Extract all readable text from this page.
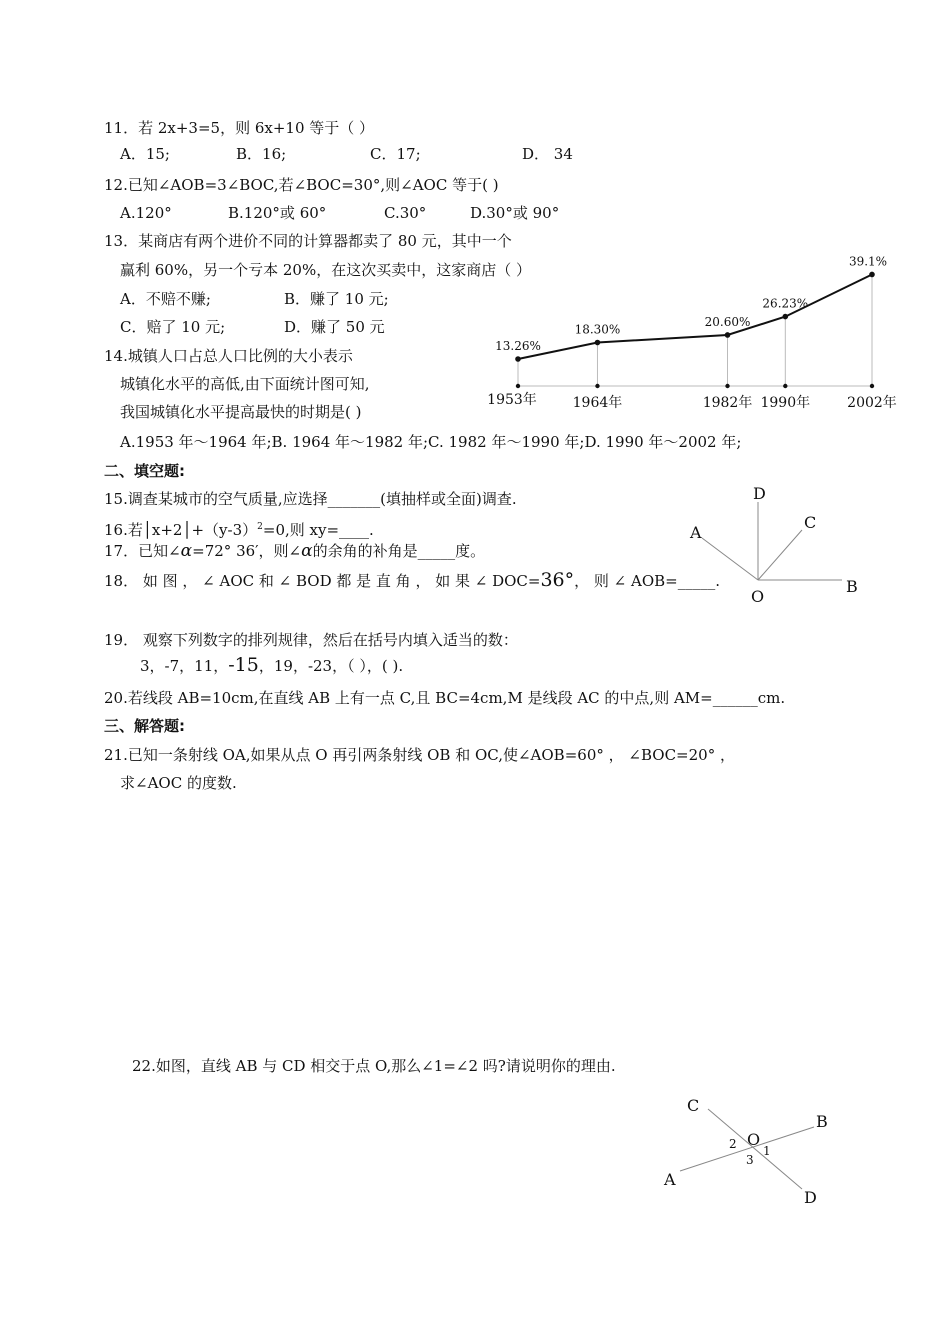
11．若 2x+3=5，则 6x+10 等于（ ）
A．15;	B．16;	C．17;	D． 34
12.已知∠AOB=3∠BOC,若∠BOC=30°,则∠AOC 等于( )
A.120°	B.120°或 60°	C.30°	D.30°或 90°
13．某商店有两个进价不同的计算器都卖了 80 元，其中一个
赢利 60%，另一个亏本 20%，在这次买卖中，这家商店（ ）
A．不赔不赚;	B．赚了 10 元;
C．赔了 10 元;	D．赚了 50 元
14.城镇人口占总人口比例的大小表示
城镇化水平的高低,由下面统计图可知,
我国城镇化水平提高最快的时期是( )
A.1953 年～1964 年;B. 1964 年～1982 年;C. 1982 年～1990 年;D. 1990 年～2002 年;
13.26%
1953年
18.30%
1964年
20.60%
1982年
26.23%
1990年
39.1%
2002年
二、填空题:
15.调查某城市的空气质量,应选择_______(填抽样或全面)调查.
16.若$│x+2│+(y-3)^2=0$,则 xy=____.
17．已知∠α=72° 36′，则∠α的余角的补角是_____度。
18． 如 图 ， ∠ AOC 和 ∠ BOD 都 是 直 角 ， 如 果 ∠ DOC=36°， 则 ∠ AOB=_____.
D
C
A
O
B
19． 观察下列数字的排列规律，然后在括号内填入适当的数：
3，-7，11，-15，19，-23，（ ），( ).
20.若线段 AB=10cm,在直线 AB 上有一点 C,且 BC=4cm,M 是线段 AC 的中点,则 AM=______cm.
三、解答题:
21.已知一条射线 OA,如果从点 O 再引两条射线 OB 和 OC,使∠AOB=60° ， ∠BOC=20° ，
求∠AOC 的度数.
22.如图，直线 AB 与 CD 相交于点 O,那么∠1=∠2 吗?请说明你的理由.
C
B
O
2 1
3
A
D
